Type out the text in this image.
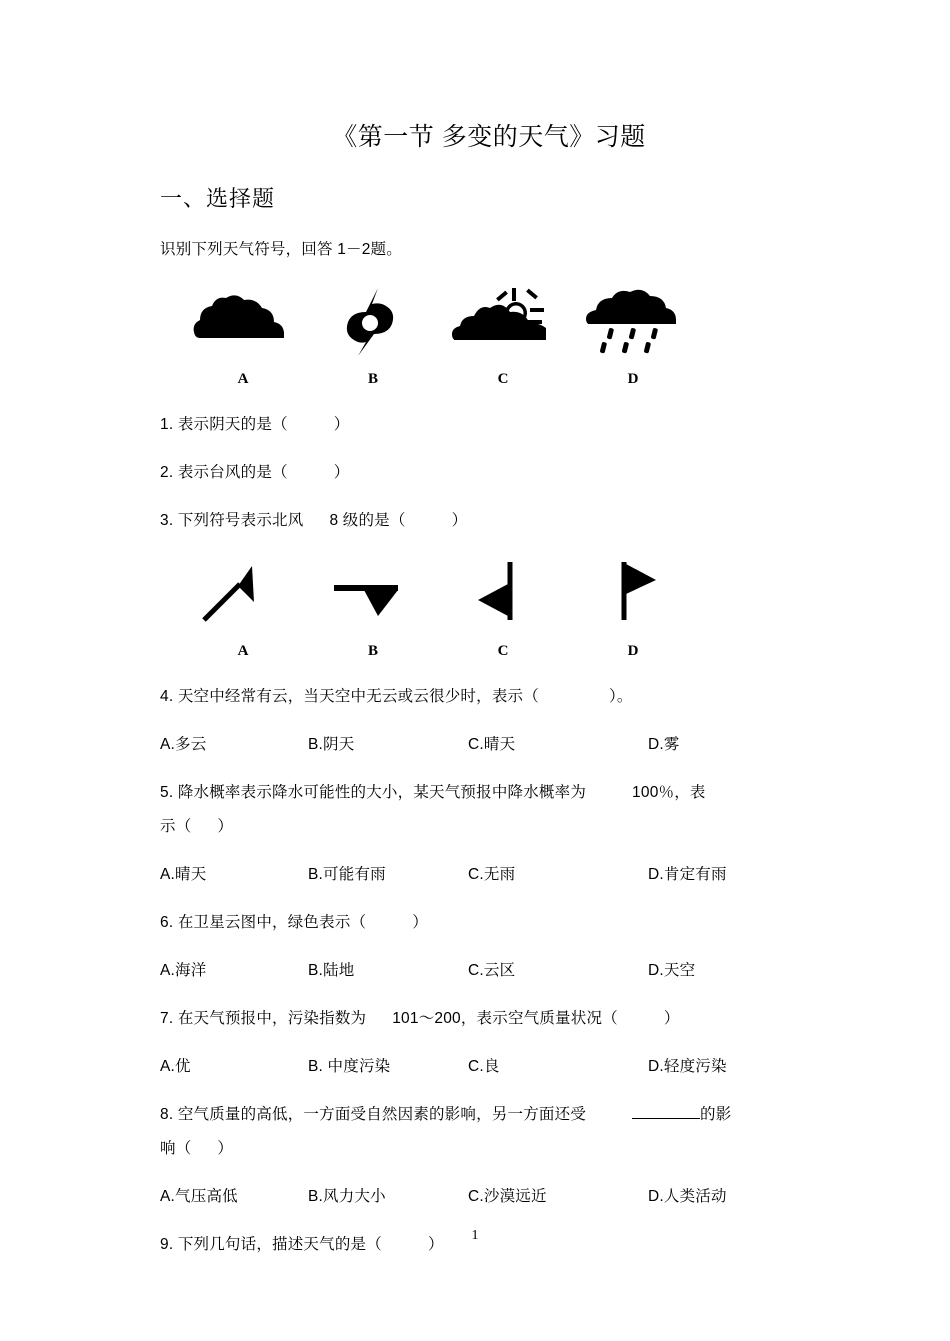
《第一节 多变的天气》习题
一、选择题
识别下列天气符号，回答 1－2题。
A	B	C	D
1. 表示阴天的是（	）
2. 表示台风的是（	）
3. 下列符号表示北风 8 级的是（	）
A	B	C	D
4. 天空中经常有云，当天空中无云或云很少时，表示（	）。
A.多云	B.阴天	C.晴天	D.雾
5. 降水概率表示降水可能性的大小，某天气预报中降水概率为	100％，表
示（ ）
A.晴天	B.可能有雨	C.无雨	D.肯定有雨
6. 在卫星云图中，绿色表示（	）
A.海洋	B.陆地	C.云区	D.天空
7. 在天气预报中，污染指数为 101～200，表示空气质量状况（	）
A.优	B. 中度污染	C.良	D.轻度污染
8. 空气质量的高低，一方面受自然因素的影响，另一方面还受	的影
响（ ）
A.气压高低	B.风力大小	C.沙漠远近	D.人类活动
9. 下列几句话，描述天气的是（	）
1
